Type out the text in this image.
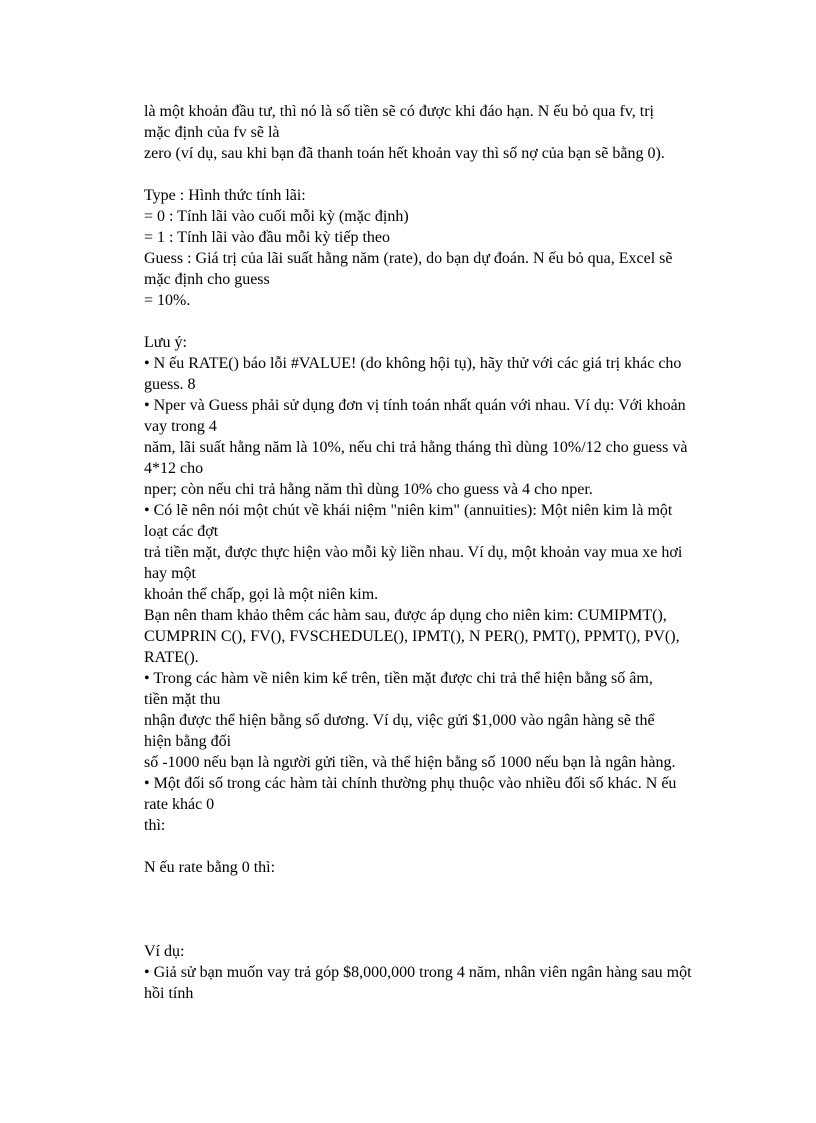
là một khoản đầu tư, thì nó là số tiền sẽ có được khi đáo hạn. N ếu bỏ qua fv, trị
mặc định của fv sẽ là
zero (ví dụ, sau khi bạn đã thanh toán hết khoản vay thì số nợ của bạn sẽ bằng 0).
Type : Hình thức tính lãi:
= 0 : Tính lãi vào cuối mỗi kỳ (mặc định)
= 1 : Tính lãi vào đầu mỗi kỳ tiếp theo
Guess : Giá trị của lãi suất hằng năm (rate), do bạn dự đoán. N ếu bỏ qua, Excel sẽ
mặc định cho guess
= 10%.
Lưu ý:
• N ếu RATE() báo lỗi #VALUE! (do không hội tụ), hãy thử với các giá trị khác cho
guess. 8
• Nper và Guess phải sử dụng đơn vị tính toán nhất quán với nhau. Ví dụ: Với khoản
vay trong 4
năm, lãi suất hằng năm là 10%, nếu chi trả hằng tháng thì dùng 10%/12 cho guess và
4*12 cho
nper; còn nếu chi trả hằng năm thì dùng 10% cho guess và 4 cho nper.
• Có lẽ nên nói một chút về khái niệm "niên kim" (annuities): Một niên kim là một
loạt các đợt
trả tiền mặt, được thực hiện vào mỗi kỳ liền nhau. Ví dụ, một khoản vay mua xe hơi
hay một
khoản thế chấp, gọi là một niên kim.
Bạn nên tham khảo thêm các hàm sau, được áp dụng cho niên kim: CUMIPMT(),
CUMPRIN C(), FV(), FVSCHEDULE(), IPMT(), N PER(), PMT(), PPMT(), PV(),
RATE().
• Trong các hàm về niên kim kể trên, tiền mặt được chi trả thể hiện bằng số âm,
tiền mặt thu
nhận được thể hiện bằng số dương. Ví dụ, việc gửi $1,000 vào ngân hàng sẽ thể
hiện bằng đối
số -1000 nếu bạn là người gửi tiền, và thể hiện bằng số 1000 nếu bạn là ngân hàng.
• Một đối số trong các hàm tài chính thường phụ thuộc vào nhiều đối số khác. N ếu
rate khác 0
thì:
N ếu rate bằng 0 thì:
Ví dụ:
• Giả sử bạn muốn vay trả góp $8,000,000 trong 4 năm, nhân viên ngân hàng sau một
hồi tính
